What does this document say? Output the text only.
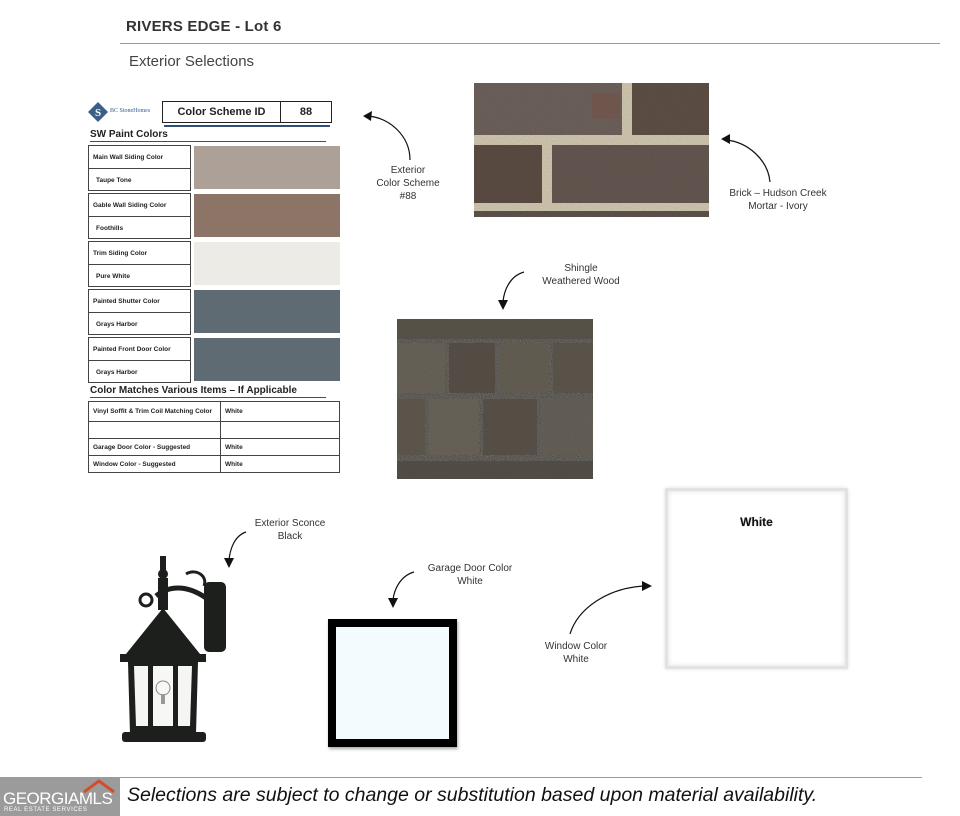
RIVERS EDGE - Lot 6
Exterior Selections
S BC StoneHomes	Color Scheme ID	88
SW Paint Colors
Main Wall Siding Color
Taupe Tone
Gable Wall Siding Color
Foothills
Trim Siding Color
Pure White
Painted Shutter Color
Grays Harbor
Painted Front Door Color
Grays Harbor
Color Matches Various Items – If Applicable
Vinyl Soffit & Trim Coil Matching Color	White

Garage Door Color - Suggested	White
Window Color - Suggested	White
Exterior
Color Scheme
#88	Brick – Hudson Creek
Mortar - Ivory
Shingle
Weathered Wood
Exterior Sconce
Black
Garage Door Color
White
Window Color
White
White
GEORGIAMLS
REAL ESTATE SERVICES
Selections are subject to change or substitution based upon material availability.
